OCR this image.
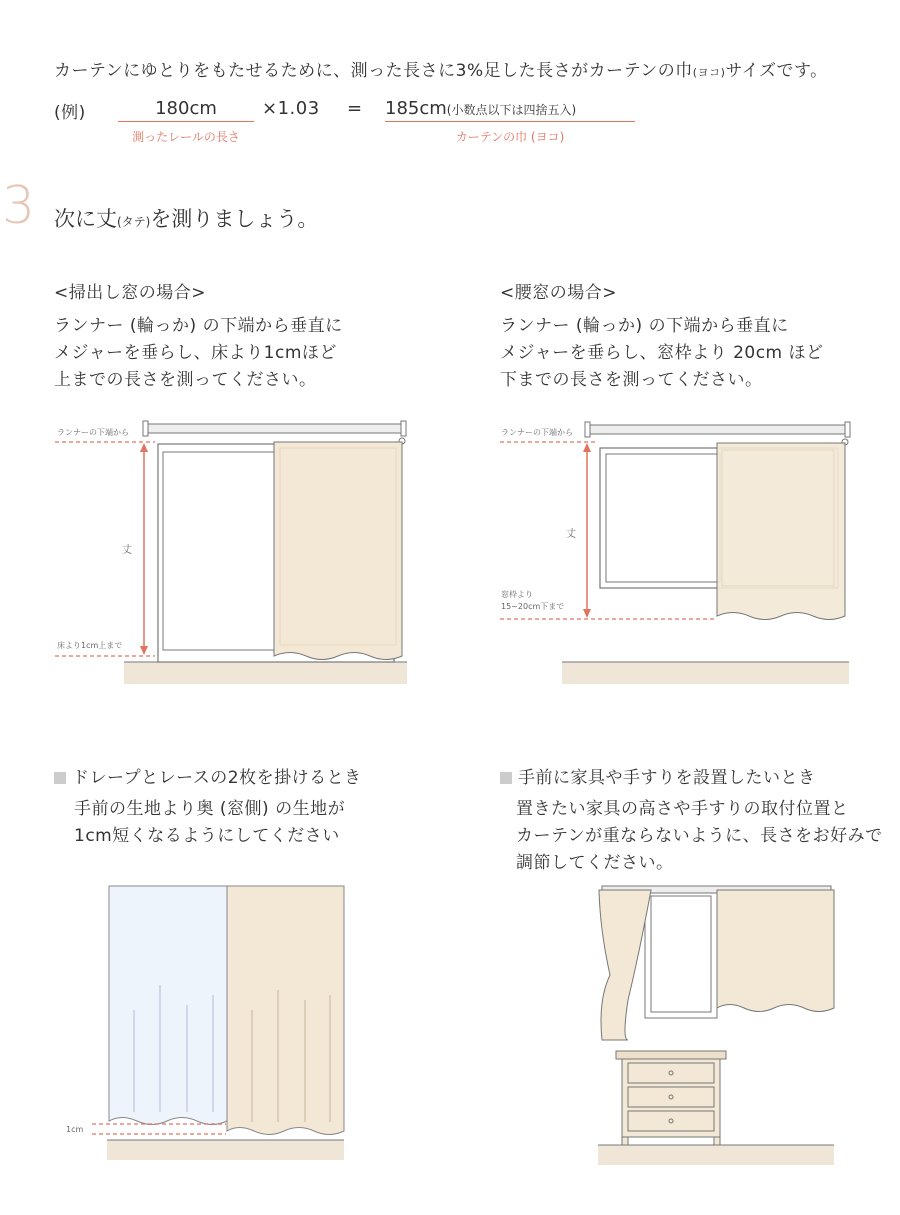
カーテンにゆとりをもたせるために、測った長さに3%足した長さがカーテンの巾(ヨコ)サイズです。
(例)	180cm
測ったレールの長さ
×1.03 = 185cm(小数点以下は四捨五入)
カーテンの巾 (ヨコ)
3 次に丈(タテ)を測りましょう。
<掃出し窓の場合>
ランナー (輪っか) の下端から垂直に
メジャーを垂らし、床より1cmほど
上までの長さを測ってください。
<腰窓の場合>
ランナー (輪っか) の下端から垂直に
メジャーを垂らし、窓枠より 20cm ほど
下までの長さを測ってください。
ランナーの下端から
丈
床より1cm上まで
ランナーの下端から
丈
窓枠より
15~20cm下まで
ドレープとレースの2枚を掛けるとき
手前の生地より奥 (窓側) の生地が
1cm短くなるようにしてください
手前に家具や手すりを設置したいとき
置きたい家具の高さや手すりの取付位置と
カーテンが重ならないように、長さをお好みで
調節してください。
1cm
